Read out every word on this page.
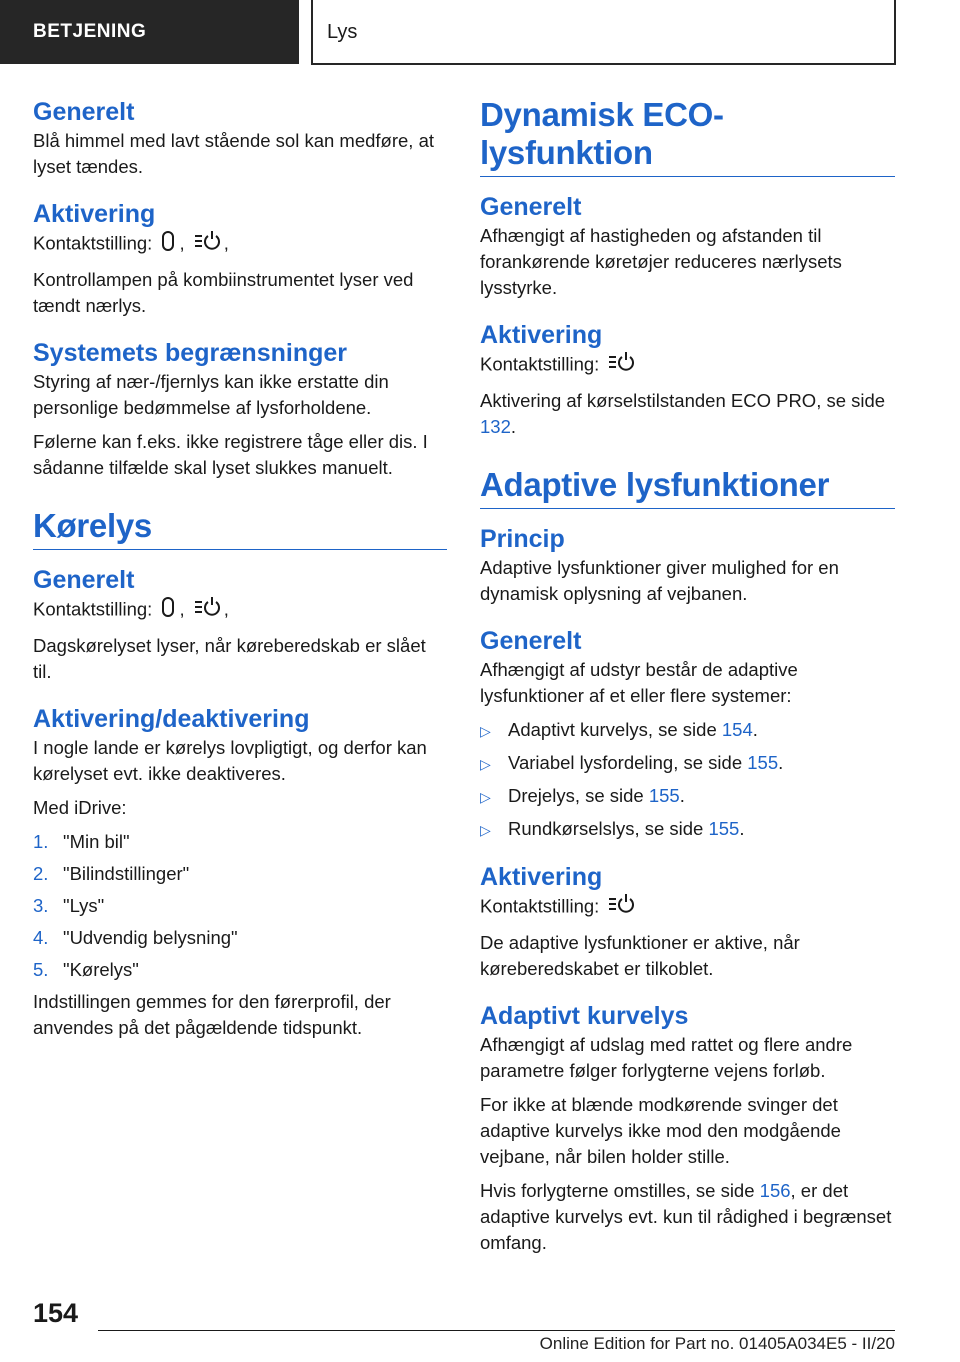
BETJENING	Lys
Generelt

Blå himmel med lavt stående sol kan medføre, at lyset tændes.

Aktivering

Kontaktstilling: , ,

Kontrollampen på kombiinstrumentet lyser ved tændt nærlys.

Systemets begrænsninger

Styring af nær-/fjernlys kan ikke erstatte din personlige bedømmelse af lysforholdene.

Følerne kan f.eks. ikke registrere tåge eller dis. I sådanne tilfælde skal lyset slukkes manuelt.

Kørelys
Generelt

Kontaktstilling: , ,

Dagskørelyset lyser, når køreberedskab er slået til.

Aktivering/deaktivering

I nogle lande er kørelys lovpligtigt, og derfor kan kørelyset evt. ikke deaktiveres.

Med iDrive:

1. "Min bil"
2. "Bilindstillinger"
3. "Lys"
4. "Udvendig belysning"
5. "Kørelys"

Indstillingen gemmes for den førerprofil, der anvendes på det pågældende tidspunkt.

Dynamisk ECO-lysfunktion
Generelt

Afhængigt af hastigheden og afstanden til forankørende køretøjer reduceres nærlysets lysstyrke.

Aktivering

Kontaktstilling:

Aktivering af kørselstilstanden ECO PRO, se side 132.

Adaptive lysfunktioner
Princip

Adaptive lysfunktioner giver mulighed for en dynamisk oplysning af vejbanen.

Generelt

Afhængigt af udstyr består de adaptive lysfunktioner af et eller flere systemer:

▷ Adaptivt kurvelys, se side 154.
▷ Variabel lysfordeling, se side 155.
▷ Drejelys, se side 155.
▷ Rundkørselslys, se side 155.
Aktivering

Kontaktstilling:

De adaptive lysfunktioner er aktive, når køreberedskabet er tilkoblet.

Adaptivt kurvelys

Afhængigt af udslag med rattet og flere andre parametre følger forlygterne vejens forløb.

For ikke at blænde modkørende svinger det adaptive kurvelys ikke mod den modgående vejbane, når bilen holder stille.

Hvis forlygterne omstilles, se side 156, er det adaptive kurvelys evt. kun til rådighed i begrænset omfang.

154
Online Edition for Part no. 01405A034E5 - II/20
